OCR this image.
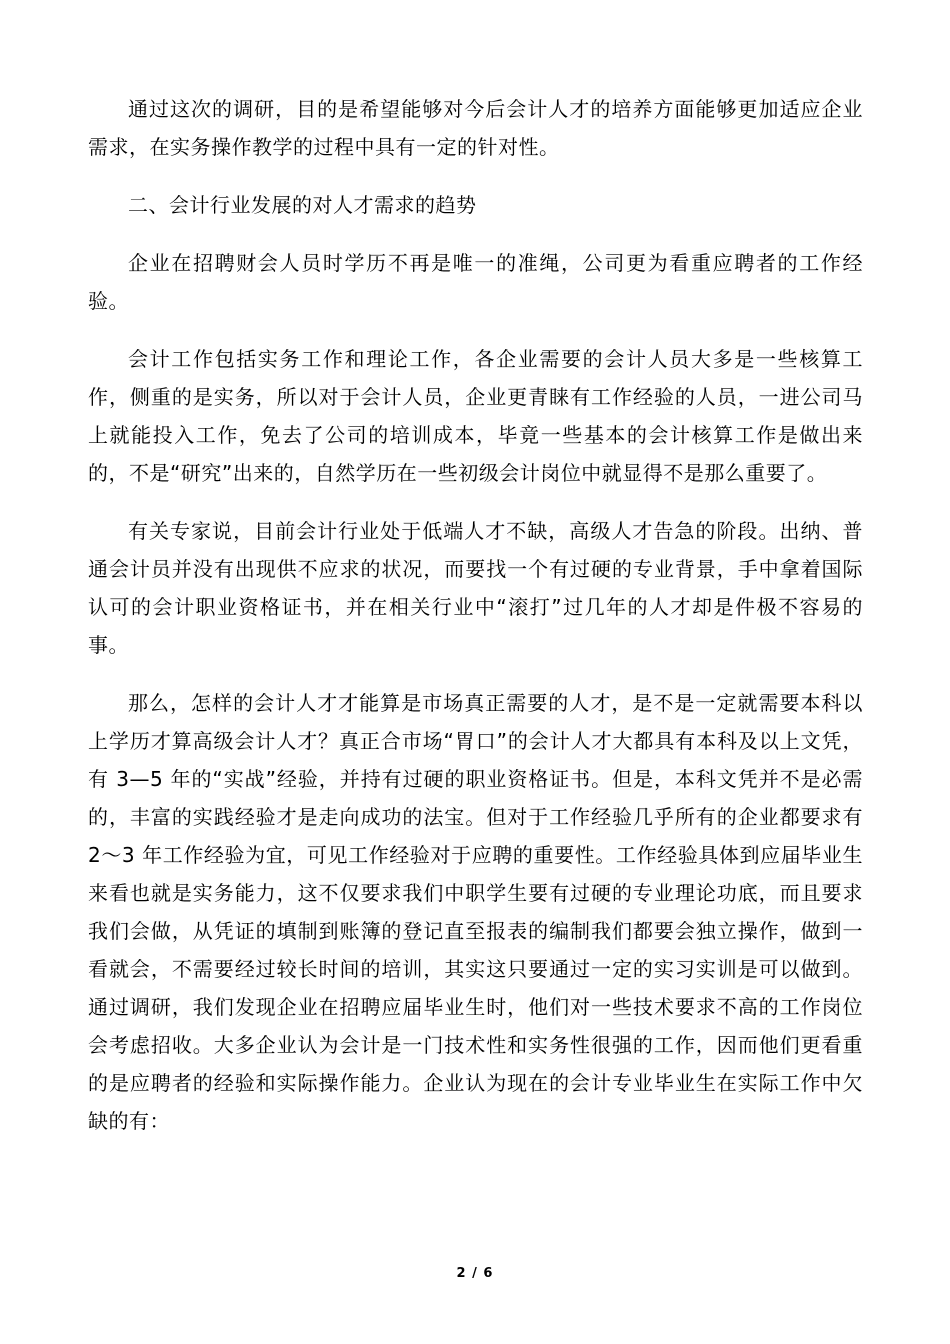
通过这次的调研，目的是希望能够对今后会计人才的培养方面能够更加适应企业需求，在实务操作教学的过程中具有一定的针对性。

二、会计行业发展的对人才需求的趋势

企业在招聘财会人员时学历不再是唯一的准绳，公司更为看重应聘者的工作经验。

会计工作包括实务工作和理论工作，各企业需要的会计人员大多是一些核算工作，侧重的是实务，所以对于会计人员，企业更青睐有工作经验的人员，一进公司马上就能投入工作，免去了公司的培训成本，毕竟一些基本的会计核算工作是做出来的，不是“研究”出来的，自然学历在一些初级会计岗位中就显得不是那么重要了。

有关专家说，目前会计行业处于低端人才不缺，高级人才告急的阶段。出纳、普通会计员并没有出现供不应求的状况，而要找一个有过硬的专业背景，手中拿着国际认可的会计职业资格证书，并在相关行业中“滚打”过几年的人才却是件极不容易的事。

那么，怎样的会计人才才能算是市场真正需要的人才，是不是一定就需要本科以上学历才算高级会计人才？真正合市场“胃口”的会计人才大都具有本科及以上文凭，有 3—5 年的“实战”经验，并持有过硬的职业资格证书。但是，本科文凭并不是必需的，丰富的实践经验才是走向成功的法宝。但对于工作经验几乎所有的企业都要求有 2～3 年工作经验为宜，可见工作经验对于应聘的重要性。工作经验具体到应届毕业生来看也就是实务能力，这不仅要求我们中职学生要有过硬的专业理论功底，而且要求我们会做，从凭证的填制到账簿的登记直至报表的编制我们都要会独立操作，做到一看就会，不需要经过较长时间的培训，其实这只要通过一定的实习实训是可以做到。通过调研，我们发现企业在招聘应届毕业生时，他们对一些技术要求不高的工作岗位会考虑招收。大多企业认为会计是一门技术性和实务性很强的工作，因而他们更看重的是应聘者的经验和实际操作能力。企业认为现在的会计专业毕业生在实际工作中欠缺的有：

2 / 6
